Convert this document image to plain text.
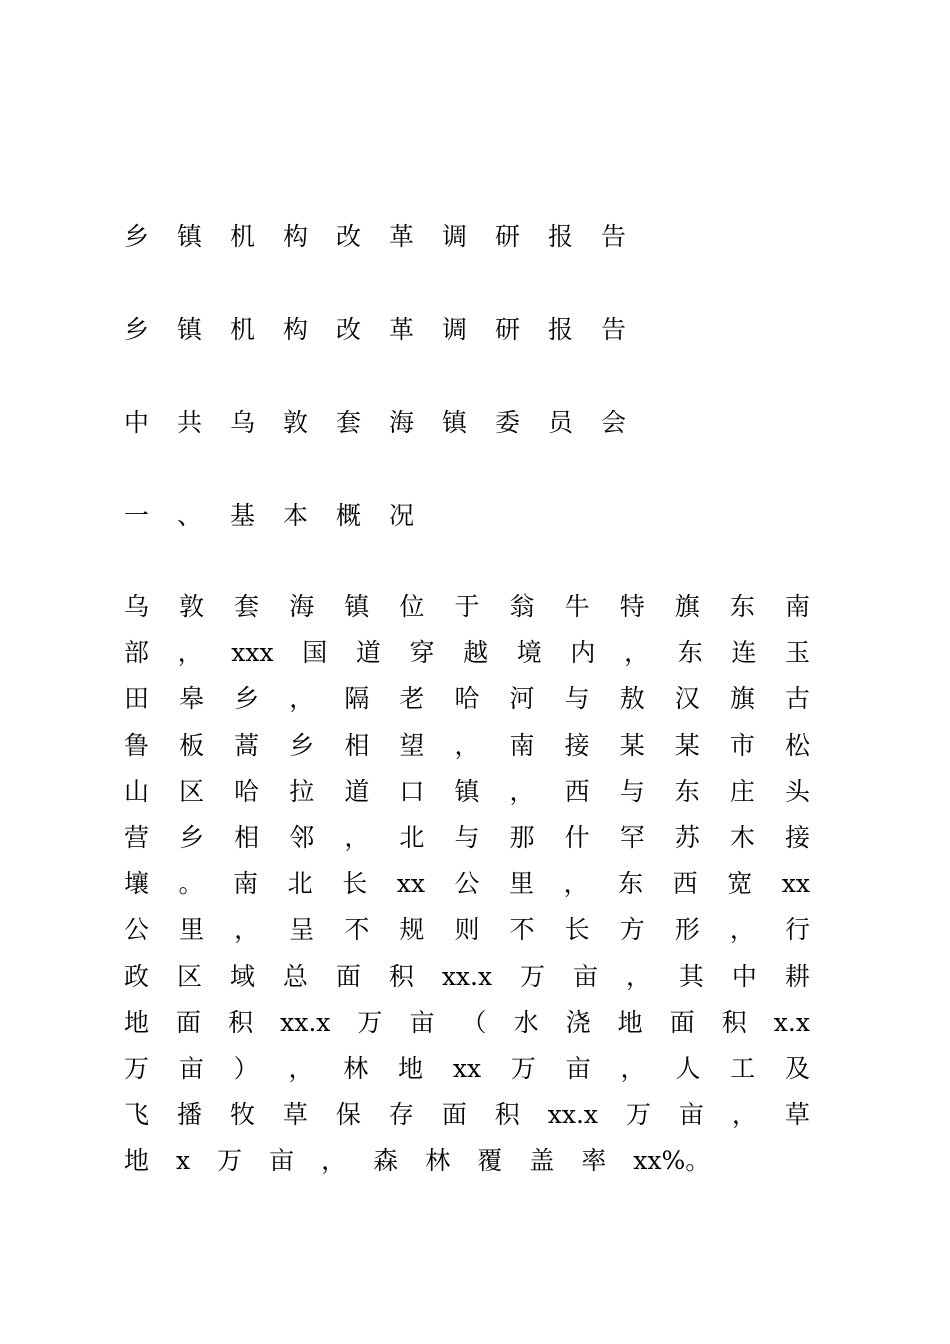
乡镇机构改革调研报告
乡镇机构改革调研报告
中共乌敦套海镇委员会
一、基本概况
乌 敦 套 海 镇 位 于 翁 牛 特 旗 东 南
部 ， xxx 国 道 穿 越 境 内 ， 东 连 玉
田 皋 乡 ， 隔 老 哈 河 与 敖 汉 旗 古
鲁 板 蒿 乡 相 望 ， 南 接 某 某 市 松
山 区 哈 拉 道 口 镇 ， 西 与 东 庄 头
营 乡 相 邻 ， 北 与 那 什 罕 苏 木 接
壤 。 南 北 长 xx 公 里 ， 东 西 宽 xx
公 里 ， 呈 不 规 则 不 长 方 形 ， 行
政 区 域 总 面 积 xx.x 万 亩 ， 其 中 耕
地 面 积 xx.x 万 亩 （ 水 浇 地 面 积 x.x
万 亩 ） ， 林 地 xx 万 亩 ， 人 工 及
飞 播 牧 草 保 存 面 积 xx.x 万 亩 ， 草
地 x 万 亩 ， 森 林 覆 盖 率 xx%。
